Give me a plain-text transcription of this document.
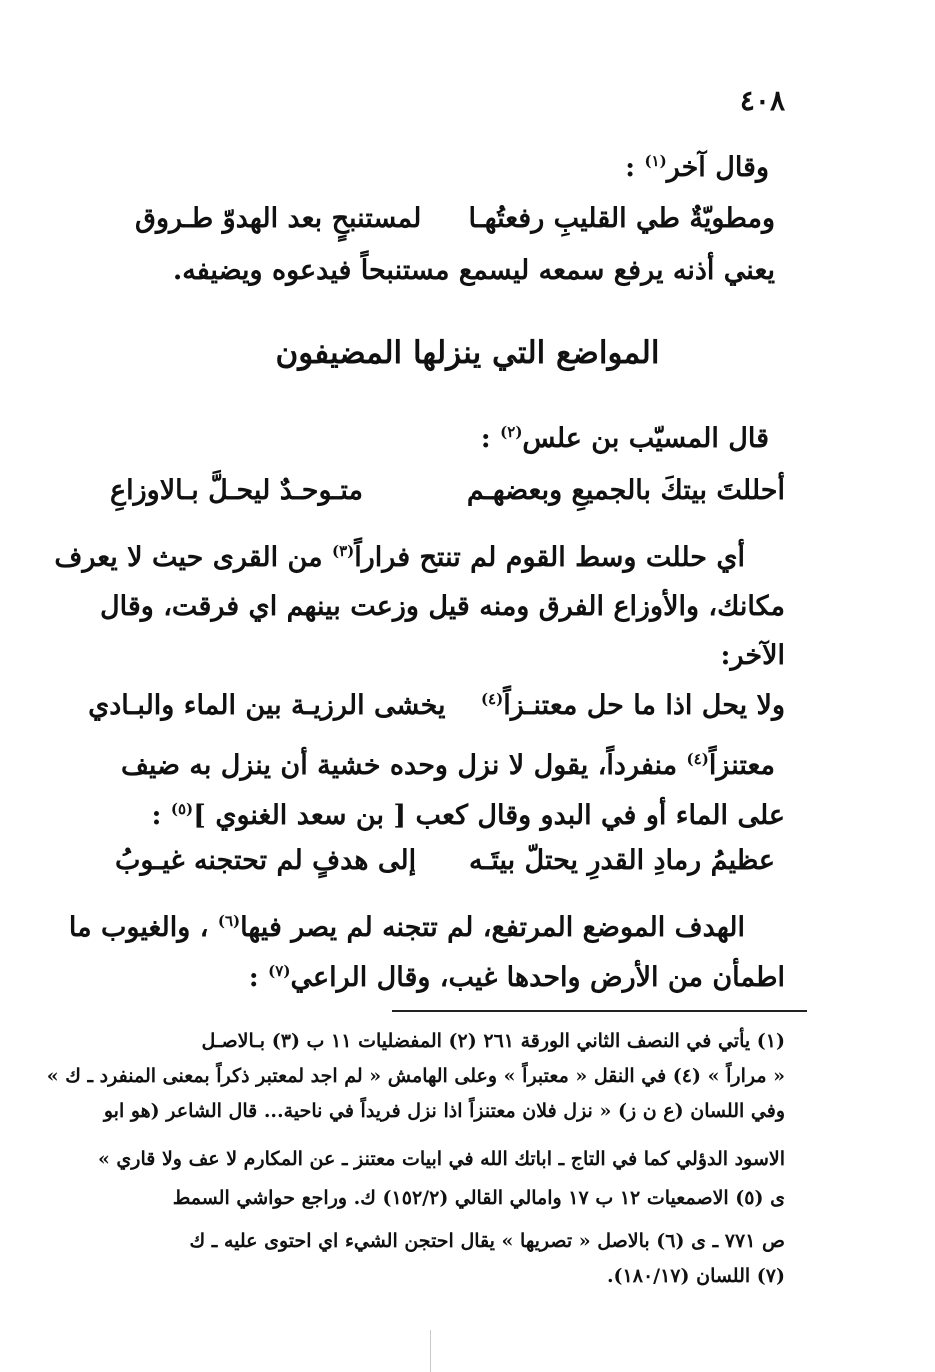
٤٠٨
وقال آخر$^{(١)}$ :
ومطويّةٌ طي القليبِ رفعتُهـا
لمستنبحٍ بعد الهدوّ طـروق
يعني أذنه يرفع سمعه ليسمع مستنبحاً فيدعوه ويضيفه.
المواضع التي ينزلها المضيفون
قال المسيّب بن علس$^{(٢)}$ :
أحللتَ بيتكَ بالجميعِ وبعضهـم
متـوحـدٌ ليحـلَّ بـالاوزاعِ
أي حللت وسط القوم لم تنتح فراراً$^{(٣)}$ من القرى حيث لا يعرف
مكانك، والأوزاع الفرق ومنه قيل وزعت بينهم اي فرقت، وقال
الآخر:
ولا يحل اذا ما حل معتنـزاً$^{(٤)}$ يخشى الرزيـة بين الماء والبـادي
معتنزاً$^{(٤)}$ منفرداً، يقول لا نزل وحده خشية أن ينزل به ضيف
على الماء أو في البدو وقال كعب [ بن سعد الغنوي ]$^{(٥)}$ :
عظيمُ رمادِ القدرِ يحتلّ بيتَـه
إلى هدفٍ لم تحتجنه غيـوبُ
الهدف الموضع المرتفع، لم تتجنه لم يصر فيها$^{(٦)}$ ، والغيوب ما
اطمأن من الأرض واحدها غيب، وقال الراعي$^{(٧)}$ :
(١) يأتي في النصف الثاني الورقة ٢٦١ (٢) المفضليات ١١ ب (٣) بـالاصـل
« مراراً » (٤) في النقل « معتبراً » وعلى الهامش « لم اجد لمعتبر ذكراً بمعنى المنفرد ـ ك »
وفي اللسان (ع ن ز) « نزل فلان معتنزاً اذا نزل فريداً في ناحية... قال الشاعر (هو ابو
الاسود الدؤلي كما في التاج ـ اباتك الله في ابيات معتنز ـ عن المكارم لا عف ولا قاري »
ى (٥) الاصمعيات ١٢ ب ١٧ وامالي القالي (١٥٢/٢) ك. وراجع حواشي السمط
ص ٧٧١ ـ ى (٦) بالاصل « تصريها » يقال احتجن الشيء اي احتوى عليه ـ ك
(٧) اللسان (١٨٠/١٧).
